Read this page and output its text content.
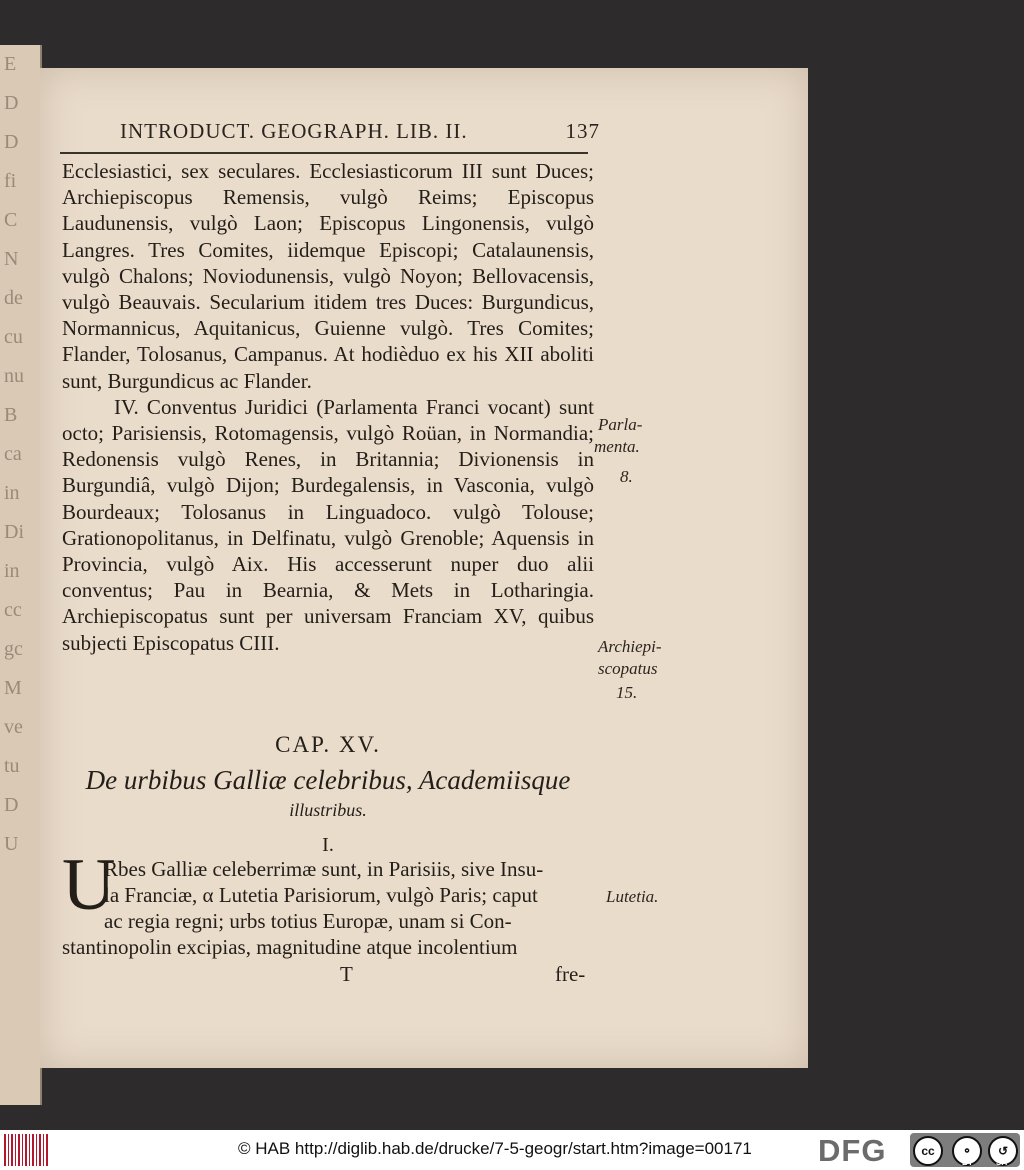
E
D
D
fi
C
N
de
cu
nu
B
ca
in
Di
in
cc
gc
M
ve
tu
D
U
INTRODUCT. GEOGRAPH. LIB. II.	137

Ecclesiastici, sex seculares. Ecclesiasticorum III sunt Duces; Archiepiscopus Remensis, vulgò Reims; Episcopus Laudunensis, vulgò Laon; Episcopus Lingonensis, vulgò Langres. Tres Comites, iidemque Episcopi; Catalaunensis, vulgò Chalons; Noviodunensis, vulgò Noyon; Bellovacensis, vulgò Beauvais. Secularium itidem tres Duces: Burgundicus, Normannicus, Aquitanicus, Guienne vulgò. Tres Comites; Flander, Tolosanus, Campanus. At hodièduo ex his XII aboliti sunt, Burgundicus ac Flander.

IV. Conventus Juridici (Parlamenta Franci vocant) sunt octo; Parisiensis, Rotomagensis, vulgò Roüan, in Normandia; Redonensis vulgò Renes, in Britannia; Divionensis in Burgundiâ, vulgò Dijon; Burdegalensis, in Vasconia, vulgò Bourdeaux; Tolosanus in Linguadoco. vulgò Tolouse; Grationopolitanus, in Delfinatu, vulgò Grenoble; Aquensis in Provincia, vulgò Aix. His accesserunt nuper duo alii conventus; Pau in Bearnia, & Mets in Lotharingia. Archiepiscopatus sunt per universam Franciam XV, quibus subjecti Episcopatus CIII.

Parla-
menta.
8.
Archiepi-
scopatus
15.
Lutetia.
CAP. XV.
De urbibus Galliæ celebribus, Academiisque
illustribus.
I.
U

Rbes Galliæ celeberrimæ sunt, in Parisiis, sive Insu-

la Franciæ, α Lutetia Parisiorum, vulgò Paris; caput

ac regia regni; urbs totius Europæ, unam si Con-

stantinopolin excipias, magnitudine atque incolentium
T	fre-
© HAB http://diglib.hab.de/drucke/7-5-geogr/start.htm?image=00171 DFG	cc	⚬	↺
BY	SA
